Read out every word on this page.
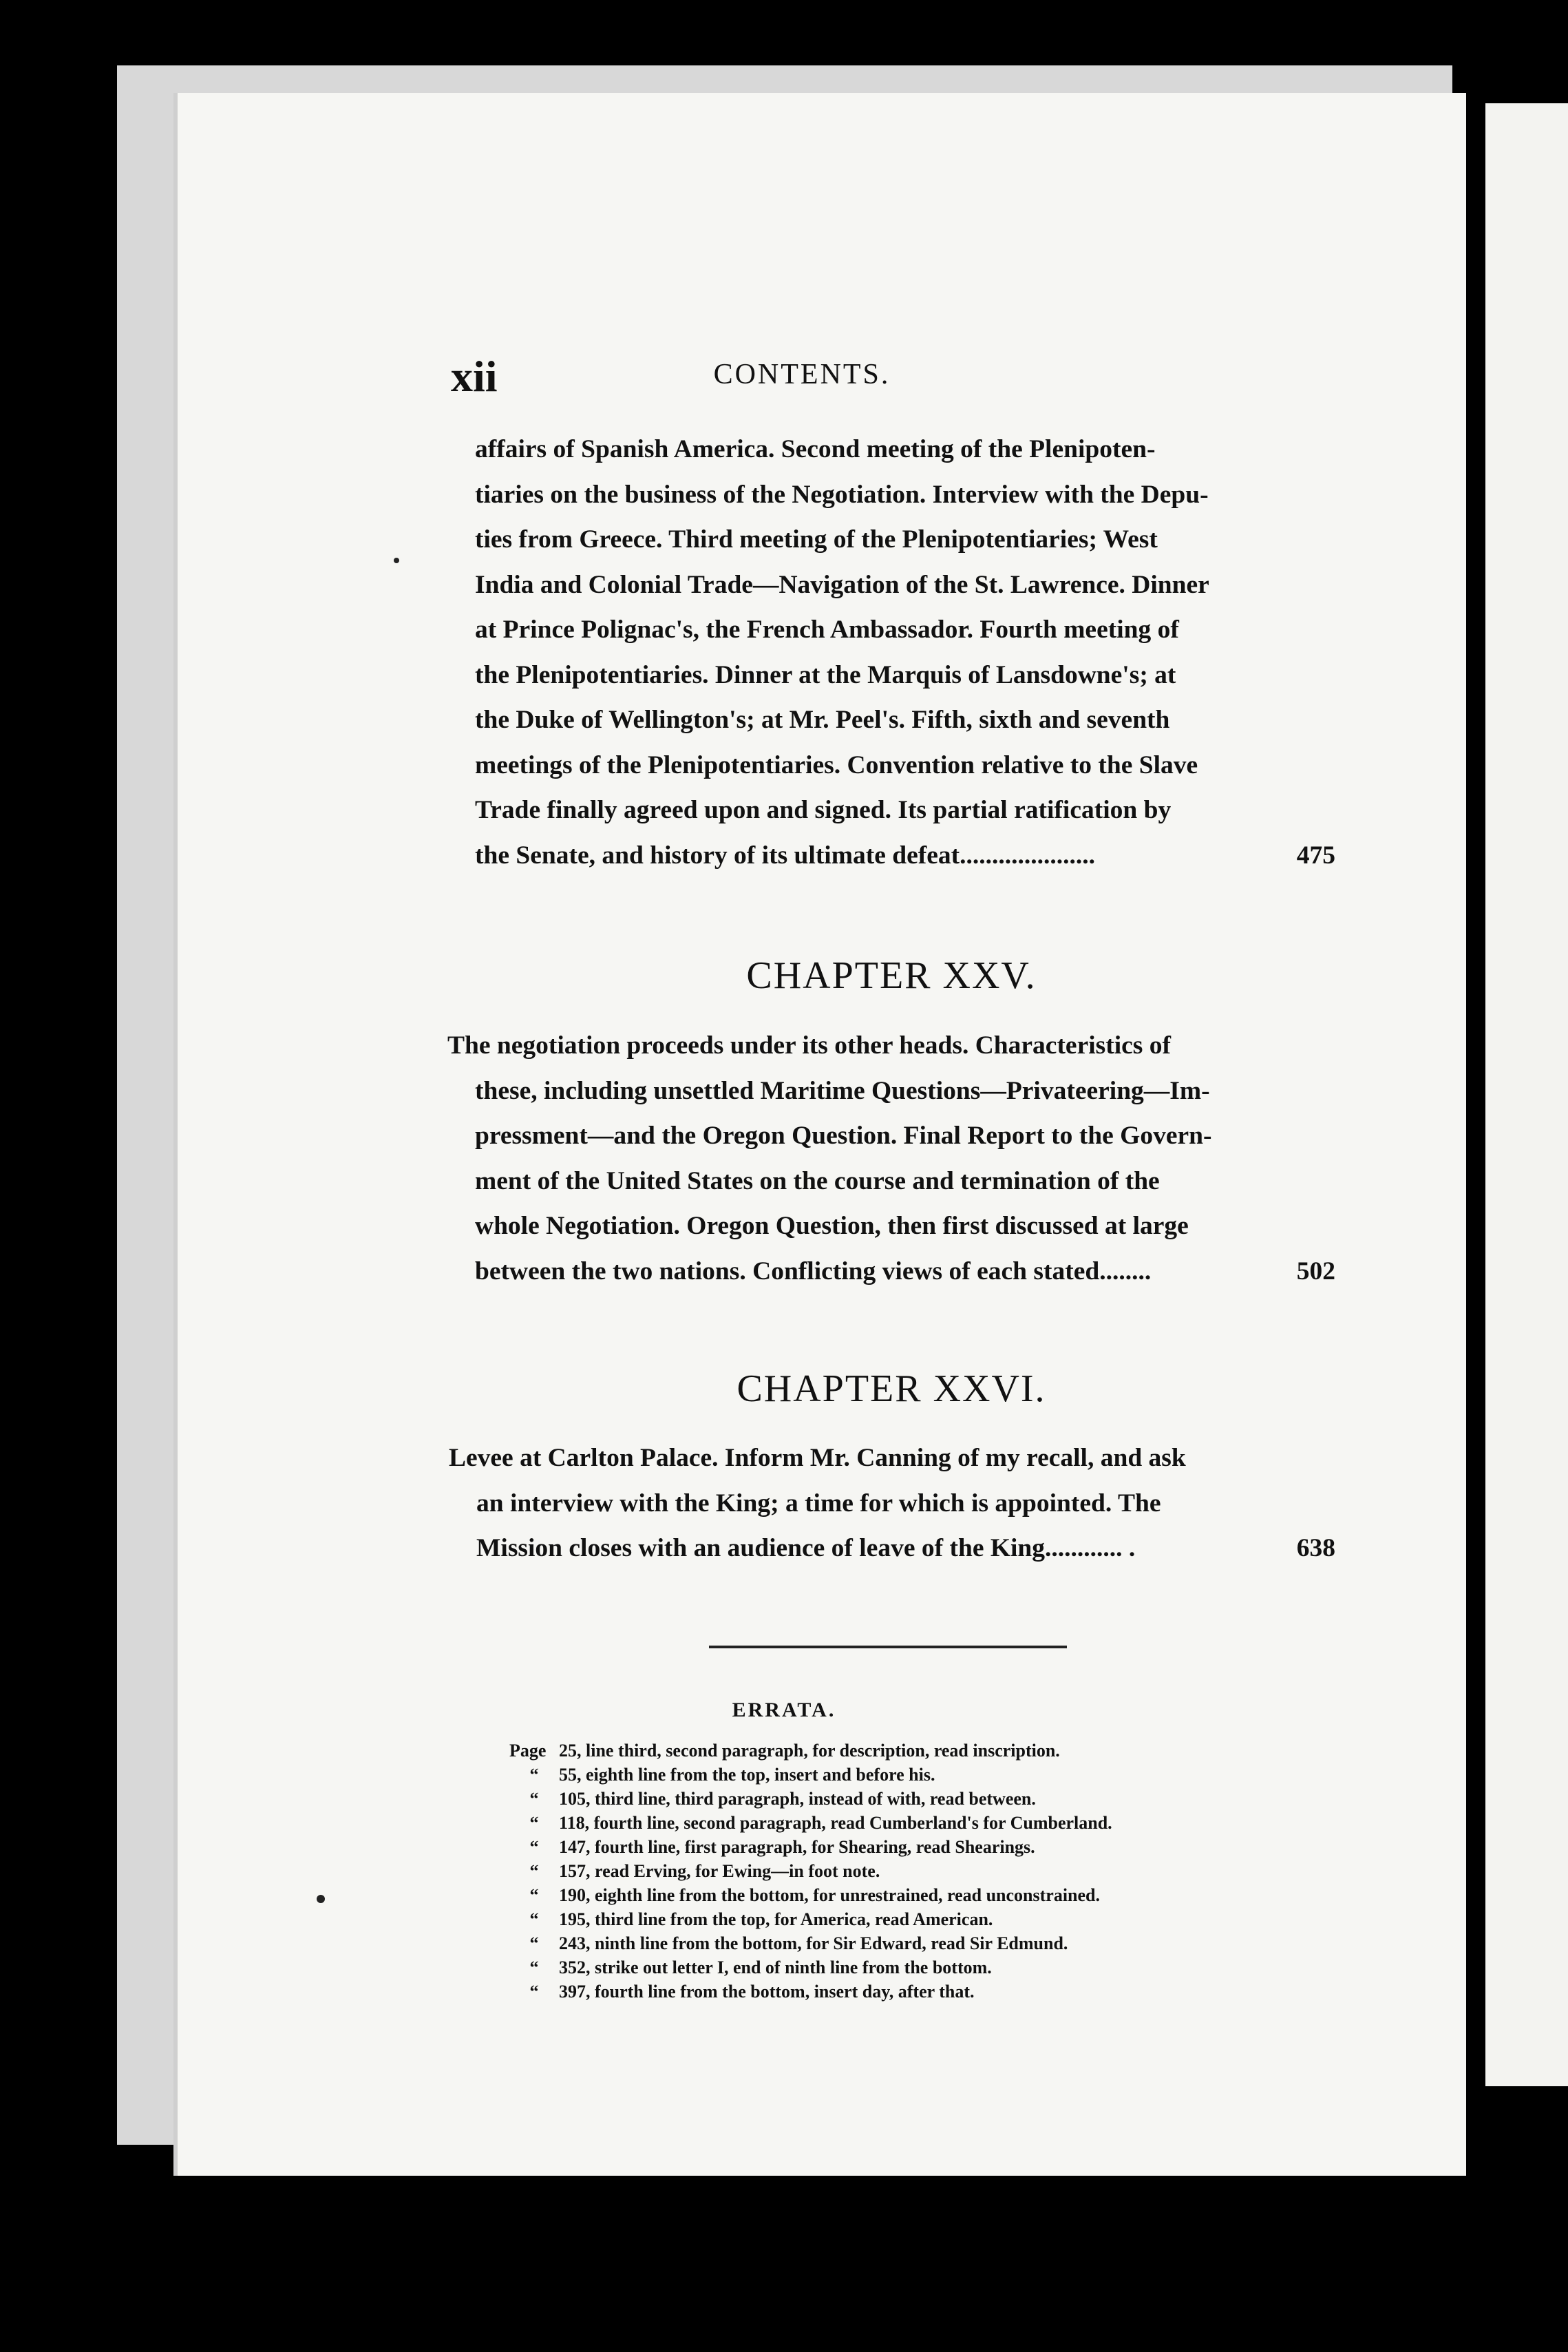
xii	CONTENTS.
affairs of Spanish America. Second meeting of the Plenipoten-
tiaries on the business of the Negotiation. Interview with the Depu-
ties from Greece. Third meeting of the Plenipotentiaries; West
India and Colonial Trade—Navigation of the St. Lawrence. Dinner
at Prince Polignac's, the French Ambassador. Fourth meeting of
the Plenipotentiaries. Dinner at the Marquis of Lansdowne's; at
the Duke of Wellington's; at Mr. Peel's. Fifth, sixth and seventh
meetings of the Plenipotentiaries. Convention relative to the Slave
Trade finally agreed upon and signed. Its partial ratification by
the Senate, and history of its ultimate defeat.....................	475
CHAPTER XXV.
The negotiation proceeds under its other heads. Characteristics of
these, including unsettled Maritime Questions—Privateering—Im-
pressment—and the Oregon Question. Final Report to the Govern-
ment of the United States on the course and termination of the
whole Negotiation. Oregon Question, then first discussed at large
between the two nations. Conflicting views of each stated........	502
CHAPTER XXVI.
Levee at Carlton Palace. Inform Mr. Canning of my recall, and ask
an interview with the King; a time for which is appointed. The
Mission closes with an audience of leave of the King............ .	638
ERRATA.
Page 25, line third, second paragraph, for description, read inscription.
“	55, eighth line from the top, insert and before his.
“	105, third line, third paragraph, instead of with, read between.
“	118, fourth line, second paragraph, read Cumberland's for Cumberland.
“	147, fourth line, first paragraph, for Shearing, read Shearings.
“	157, read Erving, for Ewing—in foot note.
“	190, eighth line from the bottom, for unrestrained, read unconstrained.
“	195, third line from the top, for America, read American.
“	243, ninth line from the bottom, for Sir Edward, read Sir Edmund.
“	352, strike out letter I, end of ninth line from the bottom.
“	397, fourth line from the bottom, insert day, after that.
